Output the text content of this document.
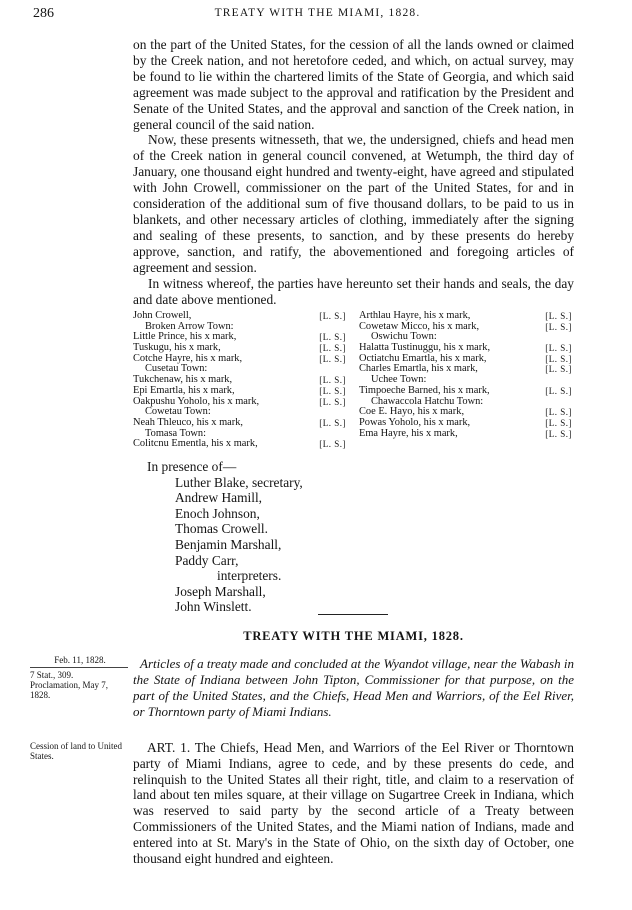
286	TREATY WITH THE MIAMI, 1828.

on the part of the United States, for the cession of all the lands owned or claimed by the Creek nation, and not heretofore ceded, and which, on actual survey, may be found to lie within the chartered limits of the State of Georgia, and which said agreement was made subject to the approval and ratification by the President and Senate of the United States, and the approval and sanction of the Creek nation, in general council of the said nation.

Now, these presents witnesseth, that we, the undersigned, chiefs and head men of the Creek nation in general council convened, at Wetumph, the third day of January, one thousand eight hundred and twenty-eight, have agreed and stipulated with John Crowell, commissioner on the part of the United States, for and in consideration of the additional sum of five thousand dollars, to be paid to us in blankets, and other necessary articles of clothing, immediately after the signing and sealing of these presents, to sanction, and by these presents do hereby approve, sanction, and ratify, the abovementioned and foregoing articles of agreement and session.

In witness whereof, the parties have hereunto set their hands and seals, the day and date above mentioned.

John Crowell,	[L. S.]
Broken Arrow Town:
Little Prince, his x mark,	[L. S.]
Tuskugu, his x mark,	[L. S.]
Cotche Hayre, his x mark,	[L. S.]
Cusetau Town:
Tukchenaw, his x mark,	[L. S.]
Epi Emartla, his x mark,	[L. S.]
Oakpushu Yoholo, his x mark,	[L. S.]
Cowetau Town:
Neah Thleuco, his x mark,	[L. S.]
Tomasa Town:
Colitcnu Ementla, his x mark,	[L. S.]
Arthlau Hayre, his x mark,	[L. S.]
Cowetaw Micco, his x mark,	[L. S.]
Oswichu Town:
Halatta Tustinuggu, his x mark,	[L. S.]
Octiatchu Emartla, his x mark,	[L. S.]
Charles Emartla, his x mark,	[L. S.]
Uchee Town:
Timpoeche Barned, his x mark,	[L. S.]
Chawaccola Hatchu Town:
Coe E. Hayo, his x mark,	[L. S.]
Powas Yoholo, his x mark,	[L. S.]
Ema Hayre, his x mark,	[L. S.]
In presence of—
Luther Blake, secretary,
Andrew Hamill,
Enoch Johnson,
Thomas Crowell.
Benjamin Marshall,
Paddy Carr,
interpreters.
Joseph Marshall,
John Winslett.
TREATY WITH THE MIAMI, 1828.
Feb. 11, 1828.
7 Stat., 309.
Proclamation, May 7, 1828.
Cession of land to United States.
Articles of a treaty made and concluded at the Wyandot village, near the Wabash in the State of Indiana between John Tipton, Commissioner for that purpose, on the part of the United States, and the Chiefs, Head Men and Warriors, of the Eel River, or Thorntown party of Miami Indians.
ART. 1. The Chiefs, Head Men, and Warriors of the Eel River or Thorntown party of Miami Indians, agree to cede, and by these presents do cede, and relinquish to the United States all their right, title, and claim to a reservation of land about ten miles square, at their village on Sugartree Creek in Indiana, which was reserved to said party by the second article of a Treaty between Commissioners of the United States, and the Miami nation of Indians, made and entered into at St. Mary's in the State of Ohio, on the sixth day of October, one thousand eight hundred and eighteen.
